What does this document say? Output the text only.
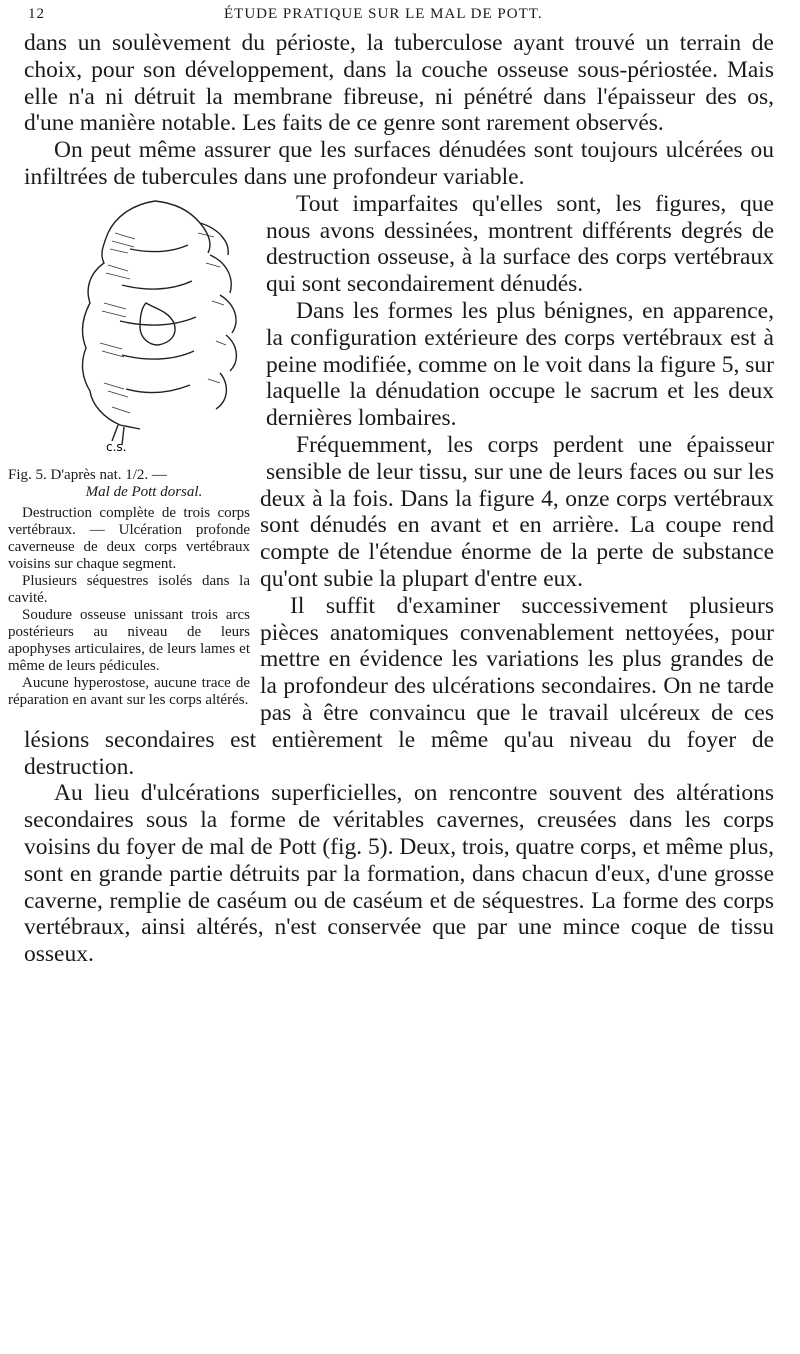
12	ÉTUDE PRATIQUE SUR LE MAL DE POTT.

dans un soulèvement du périoste, la tuberculose ayant trouvé un terrain de choix, pour son développement, dans la couche osseuse sous-périostée. Mais elle n'a ni détruit la membrane fibreuse, ni pénétré dans l'épaisseur des os, d'une manière notable. Les faits de ce genre sont rarement observés.

On peut même assurer que les surfaces dénudées sont toujours ulcérées ou infiltrées de tubercules dans une profondeur variable.

c.s.

Fig. 5. D'après nat. 1/2. —

Mal de Pott dorsal.

Destruction complète de trois corps vertébraux. — Ulcération profonde caverneuse de deux corps vertébraux voisins sur chaque segment.

Plusieurs séquestres isolés dans la cavité.

Soudure osseuse unissant trois arcs postérieurs au niveau de leurs apophyses articulaires, de leurs lames et même de leurs pédicules.

Aucune hyperostose, aucune trace de réparation en avant sur les corps altérés.

Tout imparfaites qu'elles sont, les figures, que nous avons dessinées, montrent différents degrés de destruction osseuse, à la surface des corps vertébraux qui sont secondairement dénudés.

Dans les formes les plus bénignes, en apparence, la configuration extérieure des corps vertébraux est à peine modifiée, comme on le voit dans la figure 5, sur laquelle la dénudation occupe le sacrum et les deux dernières lombaires.

Fréquemment, les corps perdent une épaisseur sensible de leur tissu, sur une de leurs faces ou sur les deux à la fois. Dans la figure 4, onze corps vertébraux sont dénudés en avant et en arrière. La coupe rend compte de l'étendue énorme de la perte de substance qu'ont subie la plupart d'entre eux.

Il suffit d'examiner successivement plusieurs pièces anatomiques convenablement nettoyées, pour mettre en évidence les variations les plus grandes de la profondeur des ulcérations secondaires. On ne tarde pas à être convaincu que le travail ulcéreux de ces lésions secondaires est entièrement le même qu'au niveau du foyer de destruction.

Au lieu d'ulcérations superficielles, on rencontre souvent des altérations secondaires sous la forme de véritables cavernes, creusées dans les corps voisins du foyer de mal de Pott (fig. 5). Deux, trois, quatre corps, et même plus, sont en grande partie détruits par la formation, dans chacun d'eux, d'une grosse caverne, remplie de caséum ou de caséum et de séquestres. La forme des corps vertébraux, ainsi altérés, n'est conservée que par une mince coque de tissu osseux.
